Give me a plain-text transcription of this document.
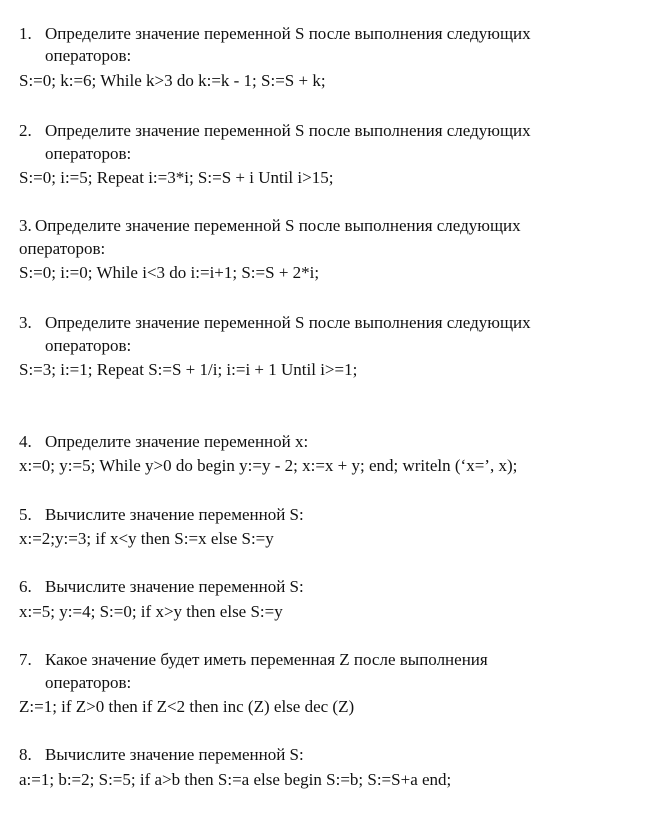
1. Определите значение переменной S после выполнения следующих
операторов:
S:=0; k:=6; While k>3 do k:=k - 1; S:=S + k;
2. Определите значение переменной S после выполнения следующих
операторов:
S:=0; i:=5; Repeat i:=3*i; S:=S + i Until i>15;
3. Определите значение переменной S после выполнения следующих
операторов:
S:=0; i:=0; While i<3 do i:=i+1; S:=S + 2*i;
3. Определите значение переменной S после выполнения следующих
операторов:
S:=3; i:=1; Repeat S:=S + 1/i; i:=i + 1 Until i>=1;
4. Определите значение переменной x:
x:=0; y:=5; While y>0 do begin y:=y - 2; x:=x + y; end; writeln (‘x=’, x);
5. Вычислите значение переменной S:
x:=2;y:=3; if x<y then S:=x else S:=y
6. Вычислите значение переменной S:
x:=5; y:=4; S:=0; if x>y then else S:=y
7. Какое значение будет иметь переменная Z после выполнения
операторов:
Z:=1; if Z>0 then if Z<2 then inc (Z) else dec (Z)
8. Вычислите значение переменной S:
a:=1; b:=2; S:=5; if a>b then S:=a else begin S:=b; S:=S+a end;
